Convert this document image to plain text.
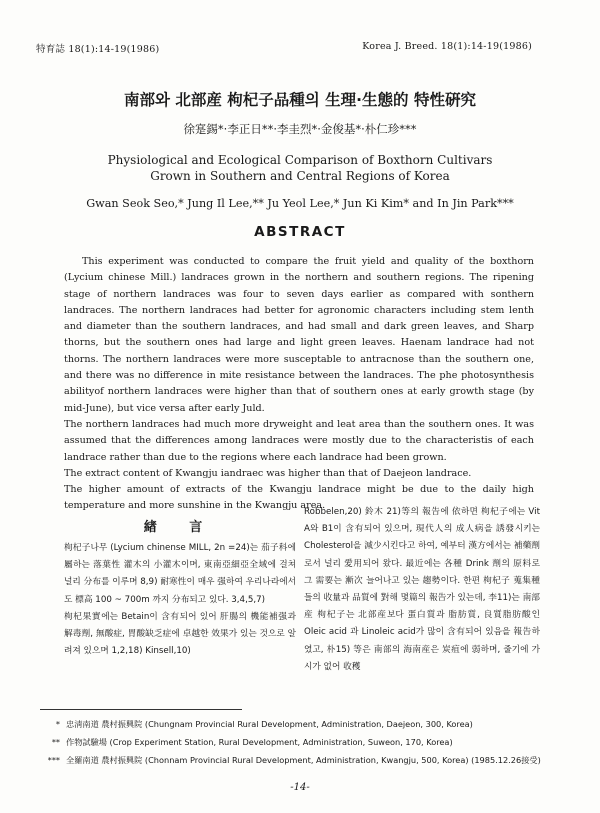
特育誌 18(1):14-19(1986)	Korea J. Breed. 18(1):14-19(1986)
南部와 北部産 枸杞子品種의 生理·生態的 特性硏究
徐寔錫*·李正日**·李圭烈*·金俊基*·朴仁珍***
Physiological and Ecological Comparison of Boxthorn Cultivars
Grown in Southern and Central Regions of Korea
Gwan Seok Seo,* Jung Il Lee,** Ju Yeol Lee,* Jun Ki Kim* and In Jin Park***
ABSTRACT

This experiment was conducted to compare the fruit yield and quality of the boxthorn (Lycium chinese Mill.) landraces grown in the northern and southern regions. The ripening stage of northern landraces was four to seven days earlier as compared with sonthern landraces. The northern landraces had better for agronomic characters including stem lenth and diameter than the southern landraces, and had small and dark green leaves, and Sharp thorns, but the southern ones had large and light green leaves. Haenam landrace had not thorns. The northern landraces were more susceptable to antracnose than the southern one, and there was no difference in mite resistance between the landraces. The phe photosynthesis abilityof northern landraces were higher than that of southern ones at early growth stage (by mid-June), but vice versa after early Juld.

The northern landraces had much more dryweight and leat area than the southern ones. It was assumed that the differences among landraces were mostly due to the characteristis of each landrace rather than due to the regions where each landrace had been grown.

The extract content of Kwangju iandraec was higher than that of Daejeon landrace.

The higher amount of extracts of the Kwangju landrace might be due to the daily high temperature and more sunshine in the Kwangju area.

緖 言

枸杞子나무 (Lycium chinense MILL, 2n =24)는 茄子科에 屬하는 落葉性 灌木의 小灌木이며, 東南亞細亞全域에 걸쳐 널리 分布를 이루며 8,9) 耐寒性이 매우 强하여 우리나라에서도 標高 100 ~ 700m 까지 分布되고 있다. 3,4,5,7)

枸杞果實에는 Betain이 含有되어 있어 肝腸의 機能補强과 解毒劑, 無酸症, 胃酸缺乏症에 卓越한 效果가 있는 것으로 알려져 있으며 1,2,18) Kinsell,10)

Robbelen,20) 鈴木 21)等의 報告에 依하면 枸杞子에는 Vit A와 B1이 含有되어 있으며, 現代人의 成人病을 誘發시키는 Cholesterol을 減少시킨다고 하여, 예부터 漢方에서는 補藥劑로서 널리 愛用되어 왔다. 最近에는 各種 Drink 劑의 原料로 그 需要는 漸次 늘어나고 있는 趨勢이다. 한편 枸杞子 蒐集種들의 收量과 品質에 對해 몇篇의 報告가 있는데, 李11)는 南部産 枸杞子는 北部産보다 蛋白質과 脂肪質, 良質脂肪酸인 Oleic acid 과 Linoleic acid가 많이 含有되어 있음을 報告하였고, 朴15) 等은 南部의 海南産은 炭疽에 弱하며, 줄기에 가시가 없어 收穫

* 忠淸南道 農村振興院 (Chungnam Provincial Rural Development, Administration, Daejeon, 300, Korea)
** 作物試驗場 (Crop Experiment Station, Rural Development, Administration, Suweon, 170, Korea)
*** 全羅南道 農村振興院 (Chonnam Provincial Rural Development, Administration, Kwangju, 500, Korea) (1985.12.26接受)
-14-
